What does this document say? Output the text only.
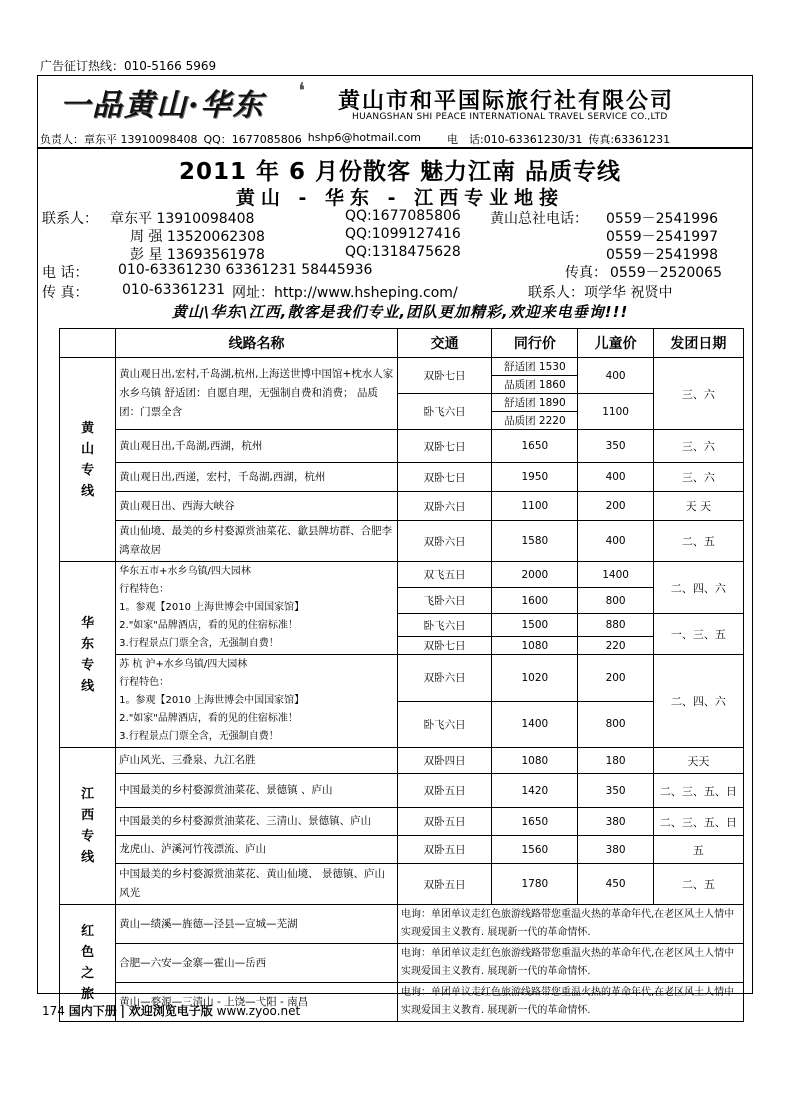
广告征订热线：010-5166 5969
一品黄山·华东 ❛ 黄山市和平国际旅行社有限公司
HUANGSHAN SHI PEACE INTERNATIONAL TRAVEL SERVICE CO.,LTD
负责人：章东平 13910098408 QQ：1677085806 hshp6@hotmail.com 电　话:010-63361230/31 传真:63361231
2011 年 6 月份散客 魅力江南 品质专线
黄山 - 华东 - 江西专业地接
联系人： 章东平 13910098408	QQ:1677085806 黄山总社电话： 0559－2541996
周 强 13520062308	QQ:1099127416	0559－2541997
彭 星 13693561978	QQ:1318475628	0559－2541998
电 话： 010-63361230 63361231 58445936	传真： 0559－2520065
传 真： 010-63361231 网址：http://www.hsheping.com/	联系人：项学华 祝贤中
黄山\华东\江西,散客是我们专业,团队更加精彩,欢迎来电垂询!!!
	线路名称	交通	同行价	儿童价	发团日期
黄山专线	黄山观日出,宏村,千岛湖,杭州,上海送世博中国馆+枕水人家水乡乌镇 舒适团：自愿自理，无强制自费和消费； 品质团：门票全含	双卧七日	舒适团 1530	400	三、六
			品质团 1860		
		卧飞六日	舒适团 1890	1100	
			品质团 2220		
	黄山观日出,千岛湖,西湖，杭州	双卧七日	1650	350	三、六
	黄山观日出,西递，宏村，千岛湖,西湖，杭州	双卧七日	1950	400	三、六
	黄山观日出、西海大峡谷	双卧六日	1100	200	天 天
	黄山仙境、最美的乡村婺源赏油菜花、歙县牌坊群、合肥李鸿章故居	双卧六日	1580	400	二、五
华东专线	华东五市+水乡乌镇/四大园林
行程特色：
1。参观【2010 上海世博会中国国家馆】
2."如家"品牌酒店，看的见的住宿标准！
3.行程景点门票全含，无强制自费！	双飞五日	2000	1400	二、四、六
		飞卧六日	1600	800	
		卧飞六日	1500	880	一、三、五
		双卧七日	1080	220	

	苏 杭 沪+水乡乌镇/四大园林
行程特色：
1。参观【2010 上海世博会中国国家馆】
2."如家"品牌酒店，看的见的住宿标准！
3.行程景点门票全含，无强制自费！	双卧六日	1020	200	二、四、六
		卧飞六日	1400	800	
江西专线	庐山风光、三叠泉、九江名胜	双卧四日	1080	180	天天
	中国最美的乡村婺源赏油菜花、景德镇 、庐山	双卧五日	1420	350	二、三、五、日
	中国最美的乡村婺源赏油菜花、三清山、景德镇、庐山	双卧五日	1650	380	二、三、五、日
	龙虎山、泸溪河竹筏漂流、庐山	双卧五日	1560	380	五
	中国最美的乡村婺源赏油菜花、黄山仙境、 景德镇、庐山风光	双卧五日	1780	450	二、五
红色之旅	黄山—绩溪—旌德—泾县—宣城—芜湖	电询：单团单议走红色旅游线路带您重温火热的革命年代,在老区风土人情中实现爱国主义教育. 展现新一代的革命情怀.			
	合肥—六安—金寨—霍山—岳西	电询：单团单议走红色旅游线路带您重温火热的革命年代,在老区风土人情中实现爱国主义教育. 展现新一代的革命情怀.			
	黄山—婺源—三清山 - 上饶—弋阳 - 南昌	电询：单团单议走红色旅游线路带您重温火热的革命年代,在老区风土人情中实现爱国主义教育. 展现新一代的革命情怀.			
174 国内下册 | 欢迎浏览电子版 www.zyoo.net
